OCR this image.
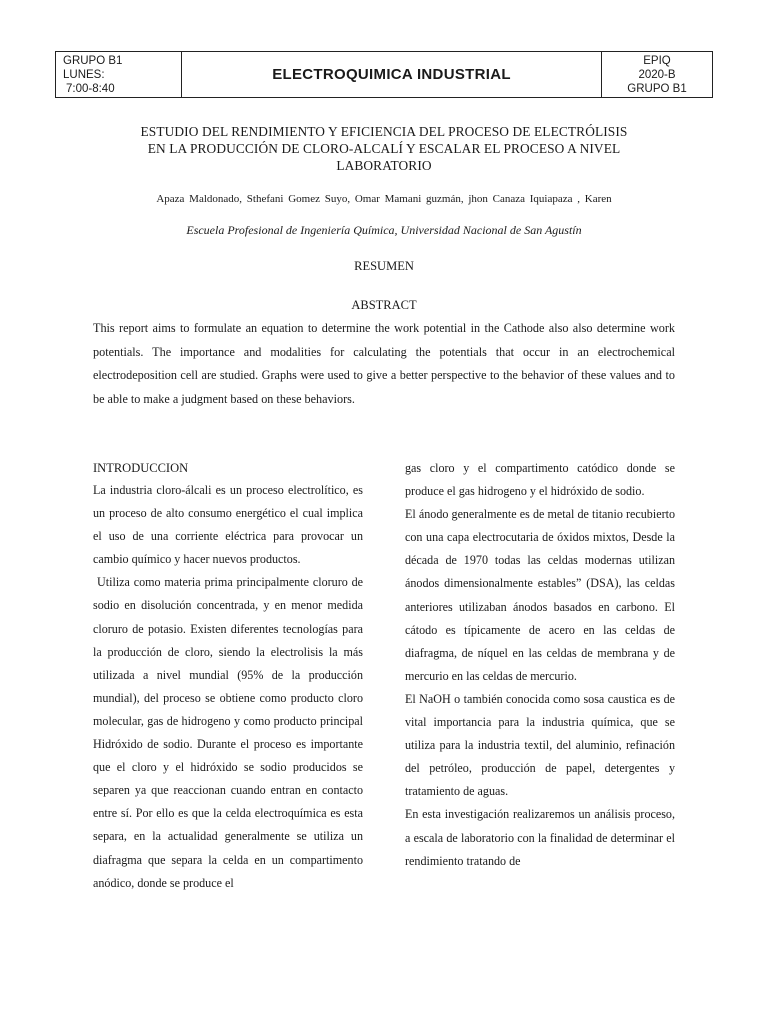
GRUPO B1
LUNES:
7:00-8:40
ELECTROQUIMICA INDUSTRIAL
EPIQ
2020-B
GRUPO B1
ESTUDIO DEL RENDIMIENTO Y EFICIENCIA DEL PROCESO DE ELECTRÓLISIS
EN LA PRODUCCIÓN DE CLORO-ALCALÍ Y ESCALAR EL PROCESO A NIVEL
LABORATORIO
Apaza Maldonado, Sthefani Gomez Suyo, Omar Mamani guzmán, jhon Canaza Iquiapaza , Karen
Escuela Profesional de Ingeniería Química, Universidad Nacional de San Agustín
RESUMEN
ABSTRACT
This report aims to formulate an equation to determine the work potential in the Cathode also also determine work potentials. The importance and modalities for calculating the potentials that occur in an electrochemical electrodeposition cell are studied. Graphs were used to give a better perspective to the behavior of these values and to be able to make a judgment based on these behaviors.
INTRODUCCION

La industria cloro-álcali es un proceso electrolítico, es un proceso de alto consumo energético el cual implica el uso de una corriente eléctrica para provocar un cambio químico y hacer nuevos productos.

Utiliza como materia prima principalmente cloruro de sodio en disolución concentrada, y en menor medida cloruro de potasio. Existen diferentes tecnologías para la producción de cloro, siendo la electrolisis la más utilizada a nivel mundial (95% de la producción mundial), del proceso se obtiene como producto cloro molecular, gas de hidrogeno y como producto principal Hidróxido de sodio. Durante el proceso es importante que el cloro y el hidróxido se sodio producidos se separen ya que reaccionan cuando entran en contacto entre sí. Por ello es que la celda electroquímica es esta separa, en la actualidad generalmente se utiliza un diafragma que separa la celda en un compartimento anódico, donde se produce el

gas cloro y el compartimento catódico donde se produce el gas hidrogeno y el hidróxido de sodio.

El ánodo generalmente es de metal de titanio recubierto con una capa electrocutaria de óxidos mixtos, Desde la década de 1970 todas las celdas modernas utilizan ánodos dimensionalmente estables” (DSA), las celdas anteriores utilizaban ánodos basados en carbono. El cátodo es típicamente de acero en las celdas de diafragma, de níquel en las celdas de membrana y de mercurio en las celdas de mercurio.

El NaOH o también conocida como sosa caustica es de vital importancia para la industria química, que se utiliza para la industria textil, del aluminio, refinación del petróleo, producción de papel, detergentes y tratamiento de aguas.

En esta investigación realizaremos un análisis proceso, a escala de laboratorio con la finalidad de determinar el rendimiento tratando de
